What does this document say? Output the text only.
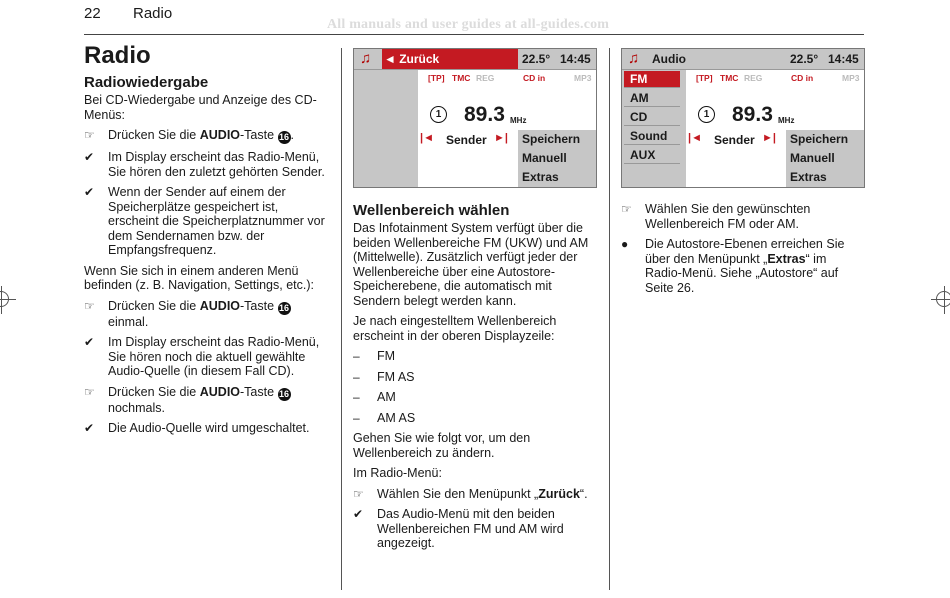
22 Radio
All manuals and user guides at all-guides.com
Radio
Radiowiedergabe
Bei CD-Wiedergabe und Anzeige des CD-Menüs:
☞	Drücken Sie die AUDIO-Taste 16 .
✔	Im Display erscheint das Radio-Menü, Sie hören den zuletzt gehörten Sender.
✔	Wenn der Sender auf einem der Speicherplätze gespeichert ist, erscheint die Speicherplatznummer vor dem Sendernamen bzw. der Empfangsfrequenz.
Wenn Sie sich in einem anderen Menü befinden (z. B. Navigation, Settings, etc.):
☞	Drücken Sie die AUDIO-Taste 16 einmal.
✔	Im Display erscheint das Radio-Menü, Sie hören noch die aktuell gewählte Audio-Quelle (in diesem Fall CD).
☞	Drücken Sie die AUDIO-Taste 16 nochmals.
✔	Die Audio-Quelle wird umgeschaltet.
♫ ◄ Zurück	22.5° 14:45
[TP] TMC REG	CD in	MP3
1 89.3 MHz
|◄ Sender ►|	Speichern
Manuell
Extras
Wellenbereich wählen
Das Infotainment System verfügt über die beiden Wellenbereiche FM (UKW) und AM (Mittelwelle). Zusätzlich verfügt jeder der Wellenbereiche über eine Autostore-Speicherebene, die automatisch mit Sendern belegt werden kann.
Je nach eingestelltem Wellenbereich erscheint in der oberen Displayzeile:
–	FM
–	FM AS
–	AM
–	AM AS
Gehen Sie wie folgt vor, um den Wellenbereich zu ändern.
Im Radio-Menü:
☞	Wählen Sie den Menüpunkt „Zurück“.
✔	Das Audio-Menü mit den beiden Wellenbereichen FM und AM wird angezeigt.
♫ Audio	22.5° 14:45
FM
AM
CD
Sound
AUX
[TP] TMC REG	CD in	MP3
1 89.3 MHz
|◄ Sender ►|	Speichern
Manuell
Extras
☞	Wählen Sie den gewünschten Wellenbereich FM oder AM.
●	Die Autostore-Ebenen erreichen Sie über den Menüpunkt „Extras“ im Radio-Menü. Siehe „Autostore“ auf Seite 26.
